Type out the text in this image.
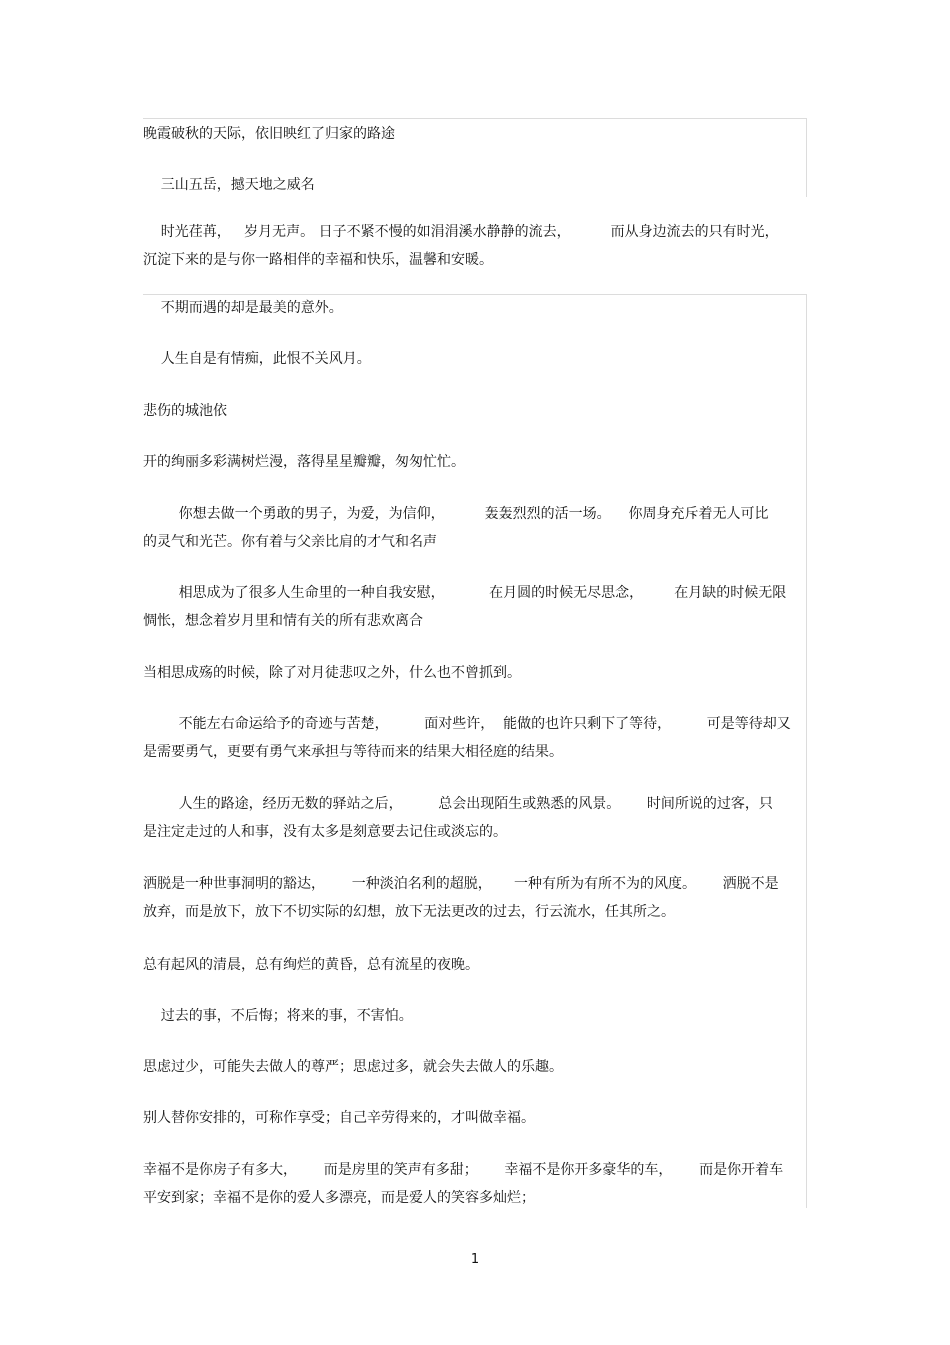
晚霞破秋的天际，依旧映红了归家的路途
三山五岳，撼天地之威名
时光荏苒，   岁月无声。 日子不紧不慢的如涓涓溪水静静的流去，         而从身边流去的只有时光，
沉淀下来的是与你一路相伴的幸福和快乐，温馨和安暖。
不期而遇的却是最美的意外。
人生自是有情痴，此恨不关风月。
悲伤的城池依
开的绚丽多彩满树烂漫，落得星星瓣瓣，匆匆忙忙。
你想去做一个勇敢的男子，为爱，为信仰，         轰轰烈烈的活一场。    你周身充斥着无人可比
的灵气和光芒。你有着与父亲比肩的才气和名声
相思成为了很多人生命里的一种自我安慰，          在月圆的时候无尽思念，       在月缺的时候无限
惆怅，想念着岁月里和情有关的所有悲欢离合
当相思成殇的时候，除了对月徒悲叹之外，什么也不曾抓到。
不能左右命运给予的奇迹与苦楚，        面对些许，  能做的也许只剩下了等待，        可是等待却又
是需要勇气，更要有勇气来承担与等待而来的结果大相径庭的结果。
人生的路途，经历无数的驿站之后，        总会出现陌生或熟悉的风景。      时间所说的过客，只
是注定走过的人和事，没有太多是刻意要去记住或淡忘的。
洒脱是一种世事洞明的豁达，      一种淡泊名利的超脱，     一种有所为有所不为的风度。      洒脱不是
放弃，而是放下，放下不切实际的幻想，放下无法更改的过去，行云流水，任其所之。
总有起风的清晨，总有绚烂的黄昏，总有流星的夜晚。
过去的事，不后悔；将来的事，不害怕。
思虑过少，可能失去做人的尊严；思虑过多，就会失去做人的乐趣。
别人替你安排的，可称作享受；自己辛劳得来的，才叫做幸福。
幸福不是你房子有多大，      而是房里的笑声有多甜；      幸福不是你开多豪华的车，      而是你开着车
平安到家；幸福不是你的爱人多漂亮，而是爱人的笑容多灿烂；
1
